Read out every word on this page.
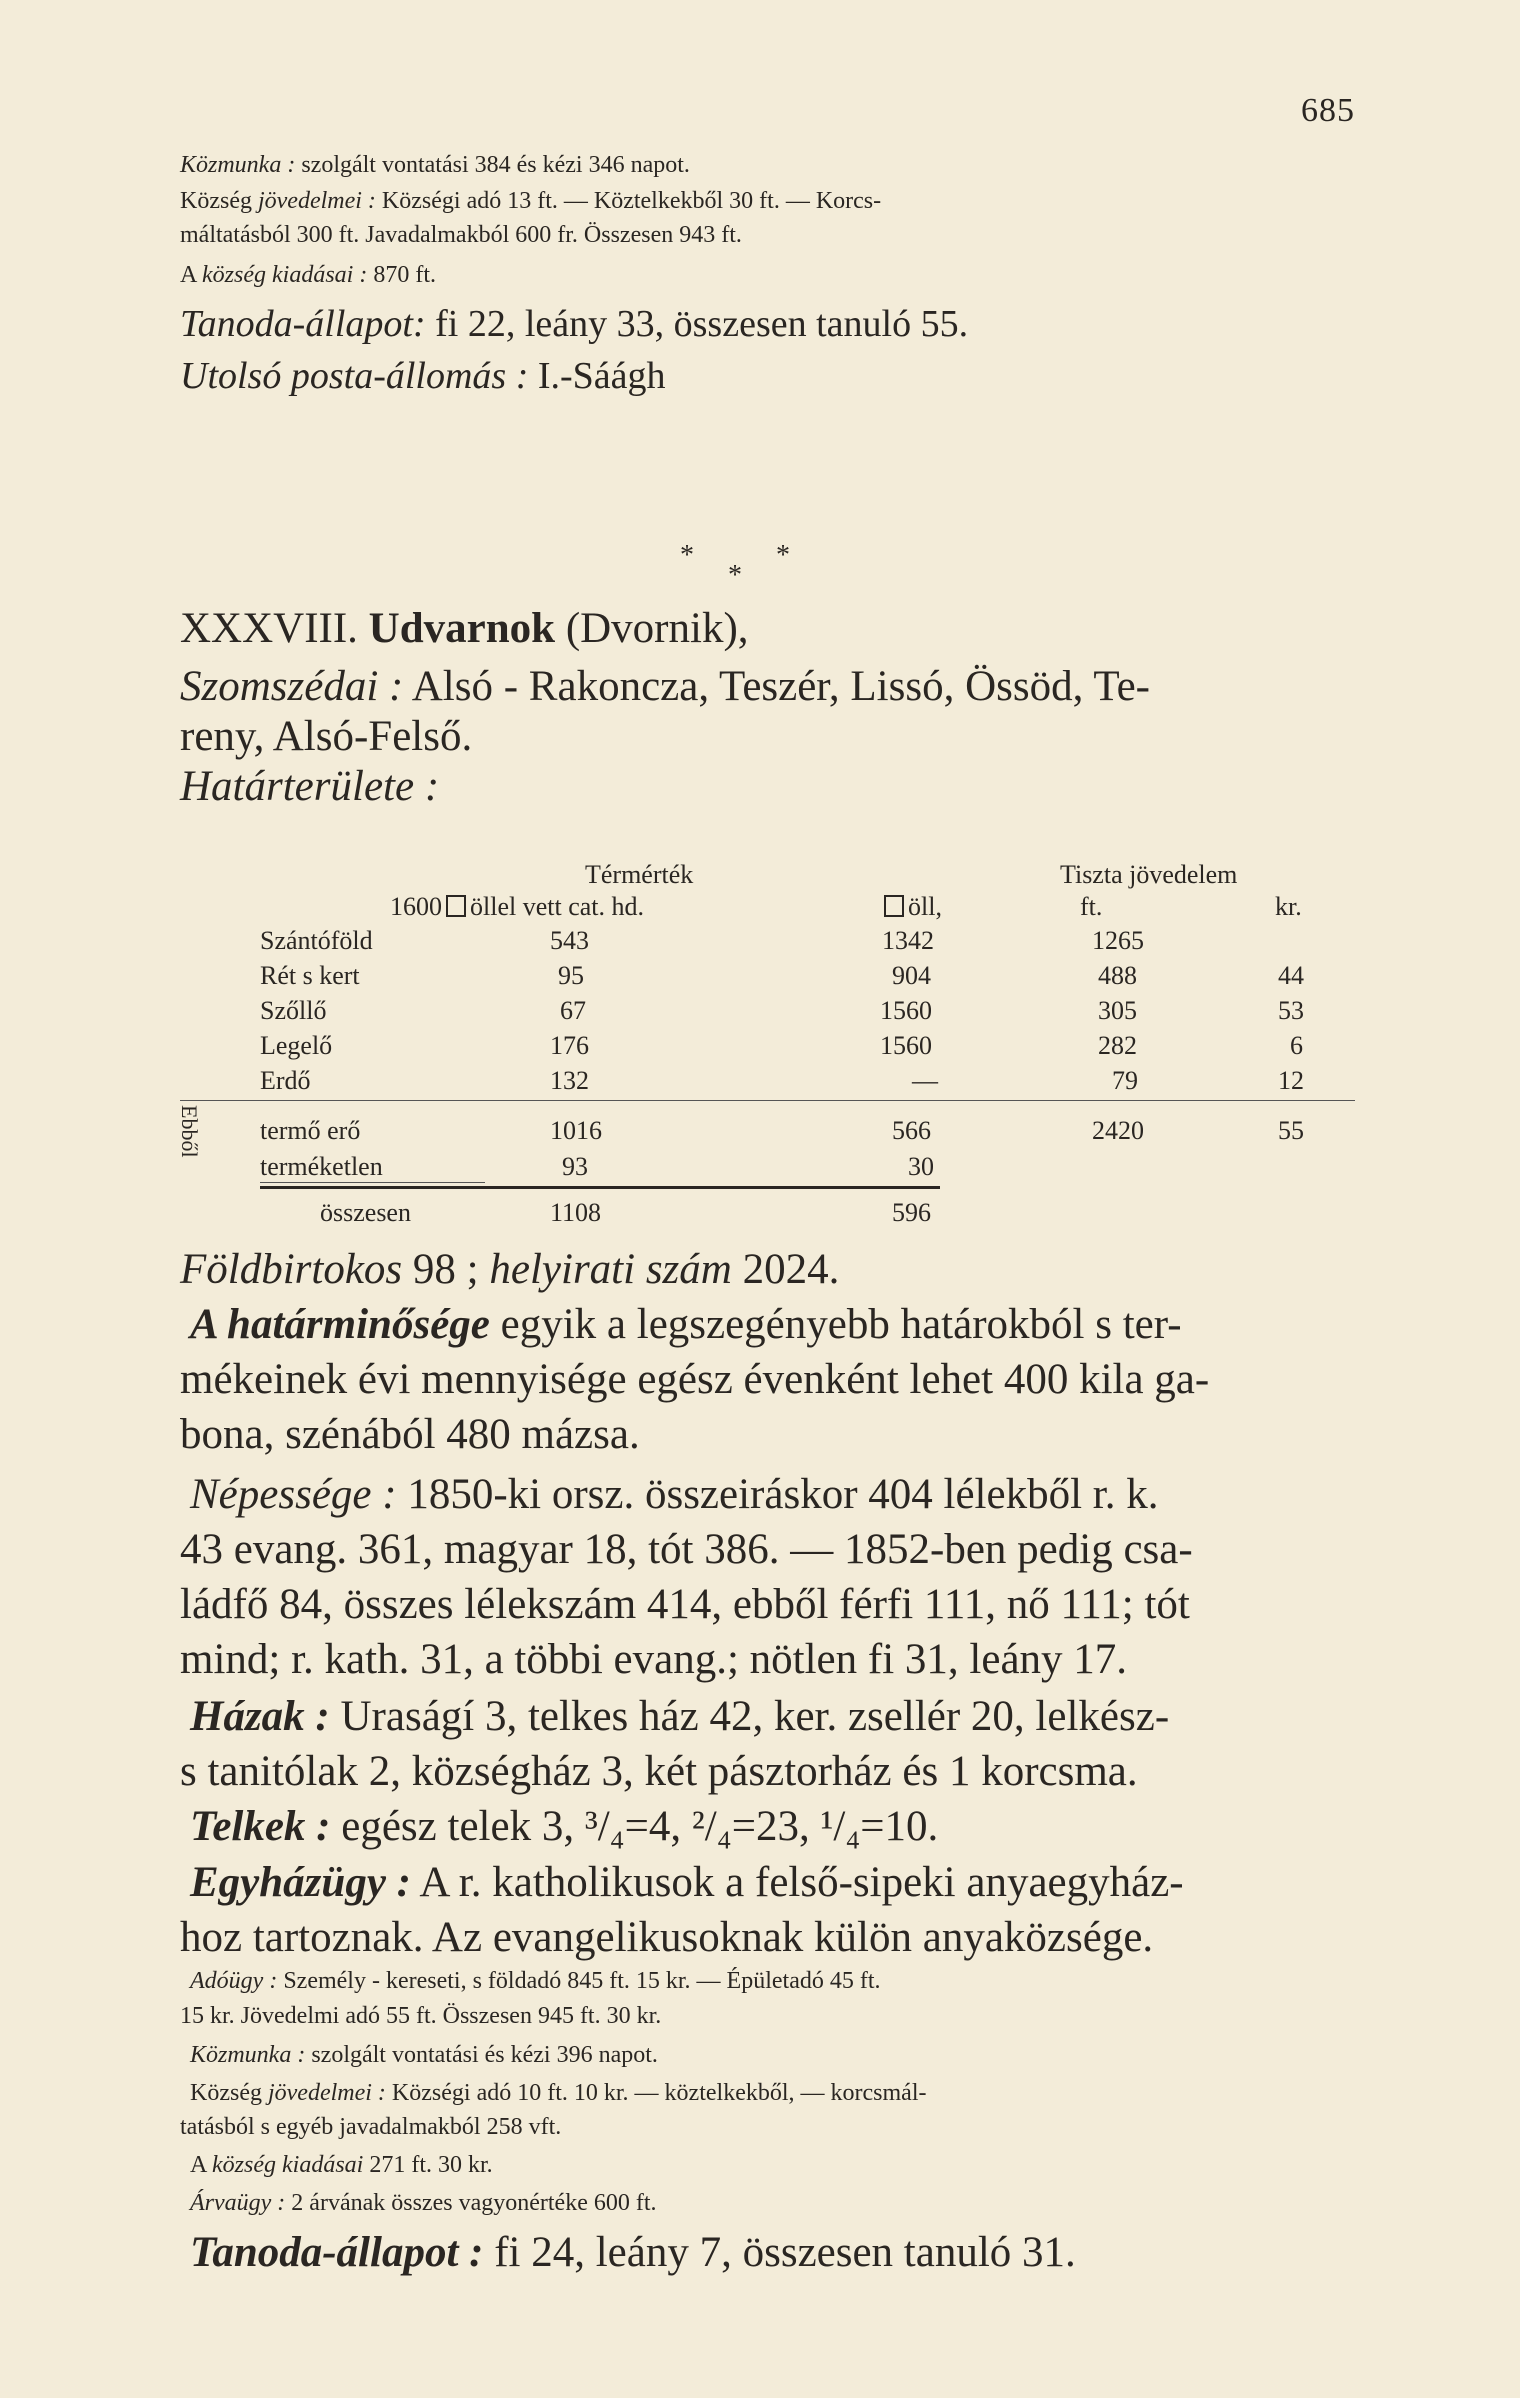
685
Közmunka : szolgált vontatási 384 és kézi 346 napot.
Község jövedelmei : Községi adó 13 ft. — Köztelkekből 30 ft. — Korcs-
máltatásból 300 ft. Javadalmakból 600 fr. Összesen 943 ft.
A község kiadásai : 870 ft.
Tanoda-állapot: fi 22, leány 33, összesen tanuló 55.
Utolsó posta-állomás : I.-Sáágh
*	*
*
XXXVIII. Udvarnok (Dvornik),
Szomszédai : Alsó - Rakoncza, Teszér, Lissó, Össöd, Te-
reny, Alsó-Felső.
Határterülete :
Térmérték	Tiszta jövedelem
1600 öllel vett cat. hd.	öll,	ft.	kr.
Szántóföld	543	1342	1265
Rét s kert	95	904	488	44
Szőllő	67	1560	305	53
Legelő	176	1560	282	6
Erdő	132	—	79	12
Ebből termő erő	1016	566	2420	55
terméketlen	93	30
összesen	1108	596
Földbirtokos 98 ; helyirati szám 2024.
A határminősége egyik a legszegényebb határokból s ter-
mékeinek évi mennyisége egész évenként lehet 400 kila ga-
bona, szénából 480 mázsa.
Népessége : 1850-ki orsz. összeiráskor 404 lélekből r. k.
43 evang. 361, magyar 18, tót 386. — 1852-ben pedig csa-
ládfő 84, összes lélekszám 414, ebből férfi 111, nő 111; tót
mind; r. kath. 31, a többi evang.; nötlen fi 31, leány 17.
Házak : Uraságí 3, telkes ház 42, ker. zsellér 20, lelkész-
s tanitólak 2, községház 3, két pásztorház és 1 korcsma.
Telkek : egész telek 3, ³/₄=4, ²/₄=23, ¹/₄=10.
Egyházügy : A r. katholikusok a felső-sipeki anyaegyház-
hoz tartoznak. Az evangelikusoknak külön anyaközsége.
Adóügy : Személy - kereseti, s földadó 845 ft. 15 kr. — Épületadó 45 ft.
15 kr. Jövedelmi adó 55 ft. Összesen 945 ft. 30 kr.
Közmunka : szolgált vontatási és kézi 396 napot.
Község jövedelmei : Községi adó 10 ft. 10 kr. — köztelkekből, — korcsmál-
tatásból s egyéb javadalmakból 258 vft.
A község kiadásai 271 ft. 30 kr.
Árvaügy : 2 árvának összes vagyonértéke 600 ft.
Tanoda-állapot : fi 24, leány 7, összesen tanuló 31.
